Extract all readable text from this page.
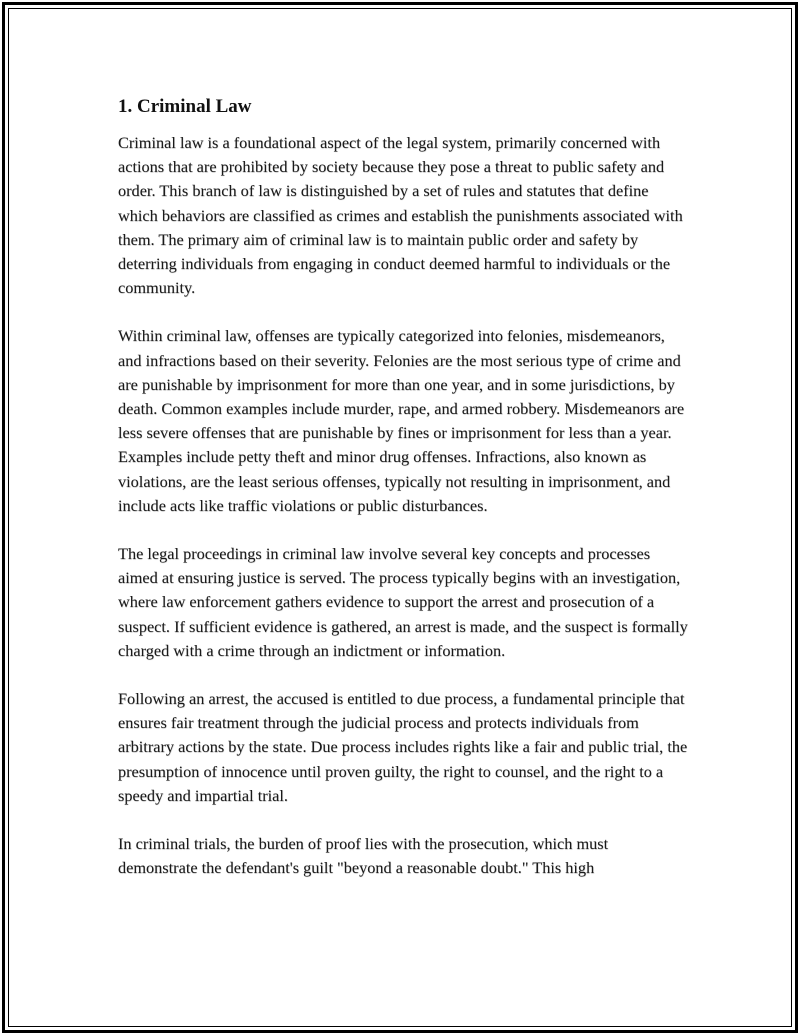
1. Criminal Law

Criminal law is a foundational aspect of the legal system, primarily concerned with actions that are prohibited by society because they pose a threat to public safety and order. This branch of law is distinguished by a set of rules and statutes that define which behaviors are classified as crimes and establish the punishments associated with them. The primary aim of criminal law is to maintain public order and safety by deterring individuals from engaging in conduct deemed harmful to individuals or the community.

Within criminal law, offenses are typically categorized into felonies, misdemeanors, and infractions based on their severity. Felonies are the most serious type of crime and are punishable by imprisonment for more than one year, and in some jurisdictions, by death. Common examples include murder, rape, and armed robbery. Misdemeanors are less severe offenses that are punishable by fines or imprisonment for less than a year. Examples include petty theft and minor drug offenses. Infractions, also known as violations, are the least serious offenses, typically not resulting in imprisonment, and include acts like traffic violations or public disturbances.

The legal proceedings in criminal law involve several key concepts and processes aimed at ensuring justice is served. The process typically begins with an investigation, where law enforcement gathers evidence to support the arrest and prosecution of a suspect. If sufficient evidence is gathered, an arrest is made, and the suspect is formally charged with a crime through an indictment or information.

Following an arrest, the accused is entitled to due process, a fundamental principle that ensures fair treatment through the judicial process and protects individuals from arbitrary actions by the state. Due process includes rights like a fair and public trial, the presumption of innocence until proven guilty, the right to counsel, and the right to a speedy and impartial trial.

In criminal trials, the burden of proof lies with the prosecution, which must demonstrate the defendant's guilt "beyond a reasonable doubt." This high
